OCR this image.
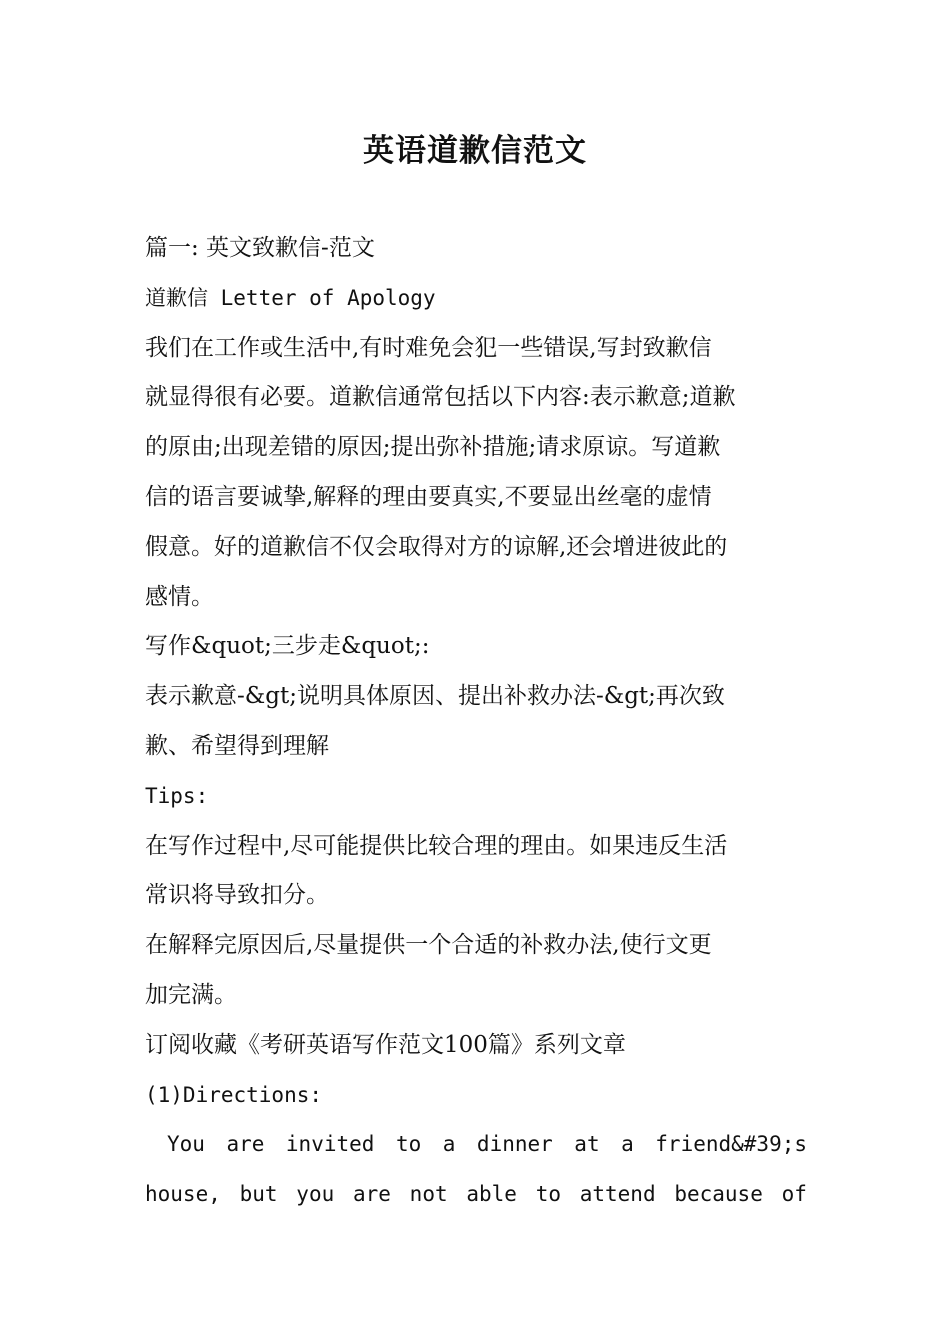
英语道歉信范文
篇一: 英文致歉信-范文
道歉信 Letter of Apology
我们在工作或生活中,有时难免会犯一些错误,写封致歉信
就显得很有必要。道歉信通常包括以下内容:表示歉意;道歉
的原由;出现差错的原因;提出弥补措施;请求原谅。写道歉
信的语言要诚挚,解释的理由要真实,不要显出丝毫的虚情
假意。好的道歉信不仅会取得对方的谅解,还会增进彼此的
感情。
写作&quot;三步走&quot;:
表示歉意-&gt;说明具体原因、提出补救办法-&gt;再次致
歉、希望得到理解
Tips:
在写作过程中,尽可能提供比较合理的理由。如果违反生活
常识将导致扣分。
在解释完原因后,尽量提供一个合适的补救办法,使行文更
加完满。
订阅收藏《考研英语写作范文100篇》系列文章
(1)Directions:
You are invited to a dinner at a friend&#39;s
house, but you are not able to attend because of
